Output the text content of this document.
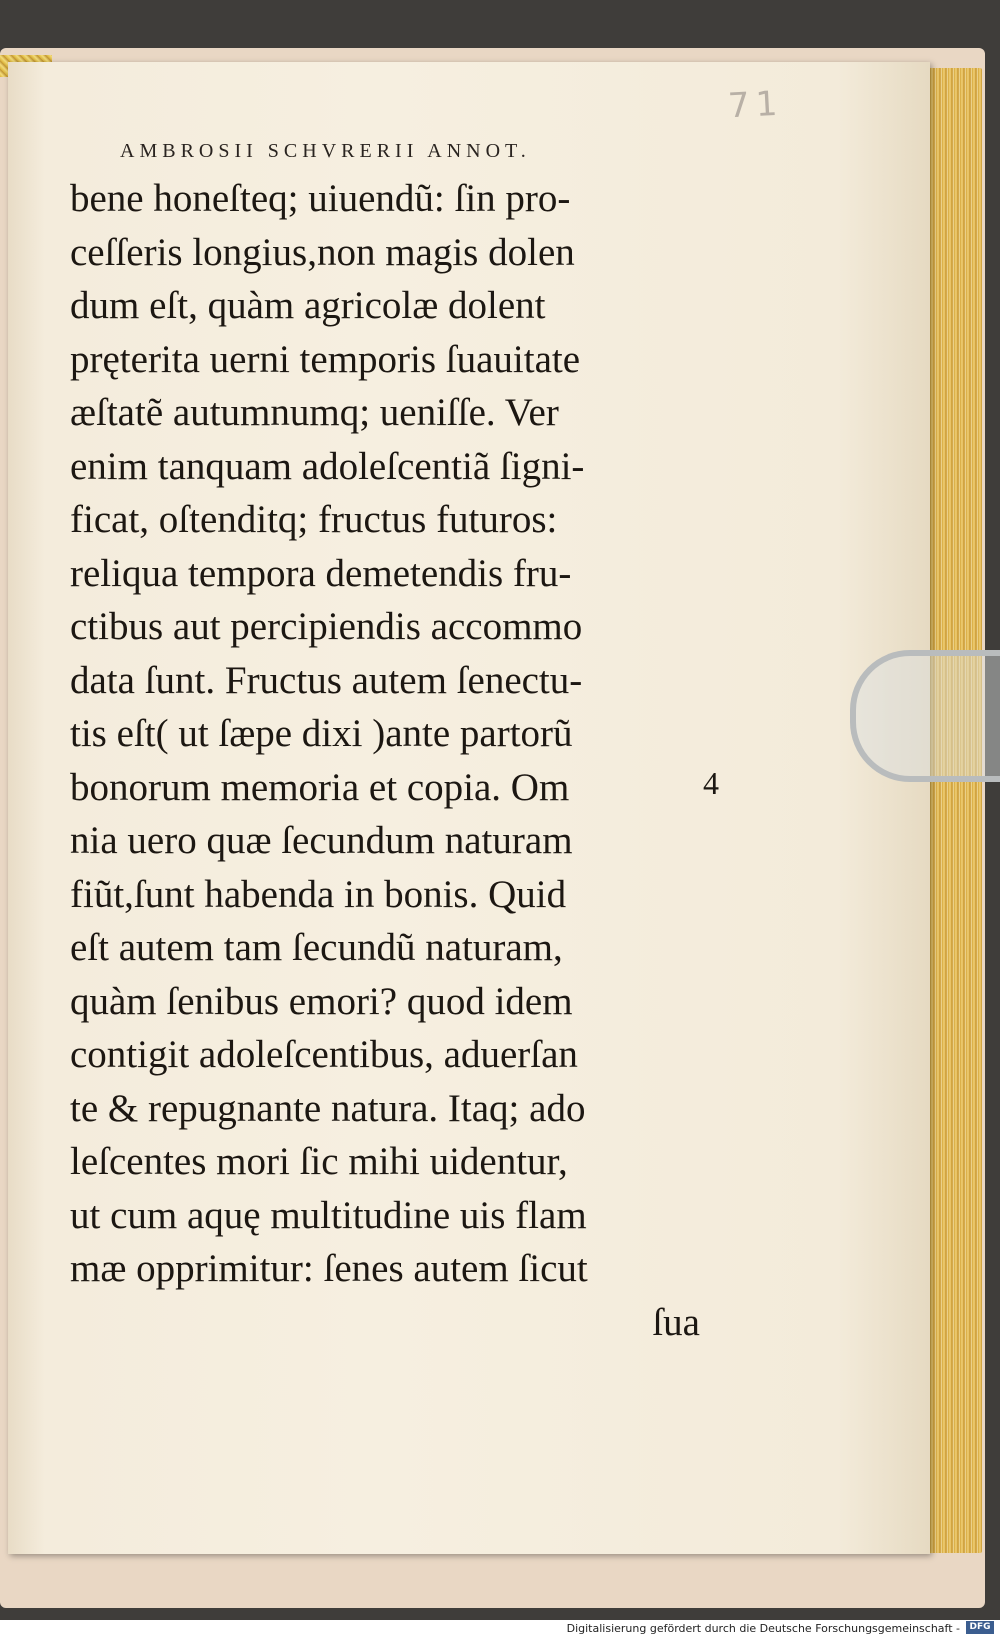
71
AMBROSII SCHVRERII ANNOT.
bene honeſteq; uiuendũ: ſin pro-
ceſſeris longius,non magis dolen
dum eſt, quàm agricolæ dolent
pręterita uerni temporis ſuauitate
æſtatẽ autumnumq; ueniſſe. Ver
enim tanquam adoleſcentiã ſigni-
ficat, oſtenditq; fructus futuros:
reliqua tempora demetendis fru-
ctibus aut percipiendis accommo
data ſunt. Fructus autem ſenectu-
tis eſt( ut ſæpe dixi )ante partorũ
bonorum memoria et copia. Om
nia uero quæ ſecundum naturam
fiũt,ſunt habenda in bonis. Quid
eſt autem tam ſecundũ naturam,
quàm ſenibus emori? quod idem
contigit adoleſcentibus, aduerſan
te & repugnante natura. Itaq; ado
leſcentes mori ſic mihi uidentur,
ut cum aquę multitudine uis flam
mæ opprimitur: ſenes autem ſicut
ſua
4
Digitalisierung gefördert durch die Deutsche Forschungsgemeinschaft -	DFG
